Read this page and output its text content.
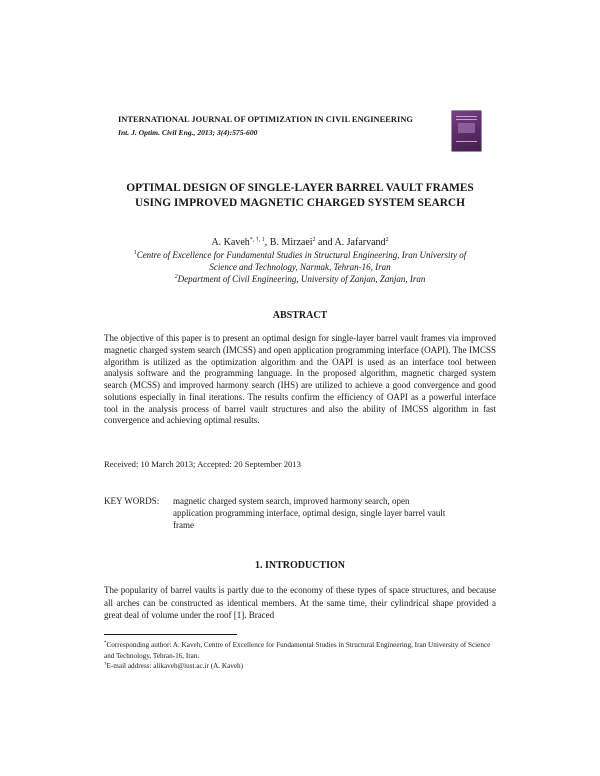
INTERNATIONAL JOURNAL OF OPTIMIZATION IN CIVIL ENGINEERING
Int. J. Optim. Civil Eng., 2013; 3(4):575-600
OPTIMAL DESIGN OF SINGLE-LAYER BARREL VAULT FRAMES
USING IMPROVED MAGNETIC CHARGED SYSTEM SEARCH
A. Kaveh$^{*, \dagger, 1}$, B. Mirzaei$^2$ and A. Jafarvand$^2$
$^1$Centre of Excellence for Fundamental Studies in Structural Engineering, Iran University of
Science and Technology, Narmak, Tehran-16, Iran
$^2$Department of Civil Engineering, University of Zanjan, Zanjan, Iran
ABSTRACT
The objective of this paper is to present an optimal design for single-layer barrel vault frames via improved magnetic charged system search (IMCSS) and open application programming interface (OAPI). The IMCSS algorithm is utilized as the optimization algorithm and the OAPI is used as an interface tool between analysis software and the programming language. In the proposed algorithm, magnetic charged system search (MCSS) and improved harmony search (IHS) are utilized to achieve a good convergence and good solutions especially in final iterations. The results confirm the efficiency of OAPI as a powerful interface tool in the analysis process of barrel vault structures and also the ability of IMCSS algorithm in fast convergence and achieving optimal results.
Received: 10 March 2013; Accepted: 20 September 2013
KEY WORDS: magnetic charged system search, improved harmony search, open
application programming interface, optimal design, single layer barrel vault
frame
1. INTRODUCTION
The popularity of barrel vaults is partly due to the economy of these types of space structures, and because all arches can be constructed as identical members. At the same time, their cylindrical shape provided a great deal of volume under the roof [1]. Braced

*Corresponding author: A. Kaveh, Centre of Excellence for Fundamental Studies in Structural Engineering, Iran University of Science and Technology, Tehran-16, Iran.

†E-mail address: alikaveh@iust.ac.ir (A. Kaveh)
